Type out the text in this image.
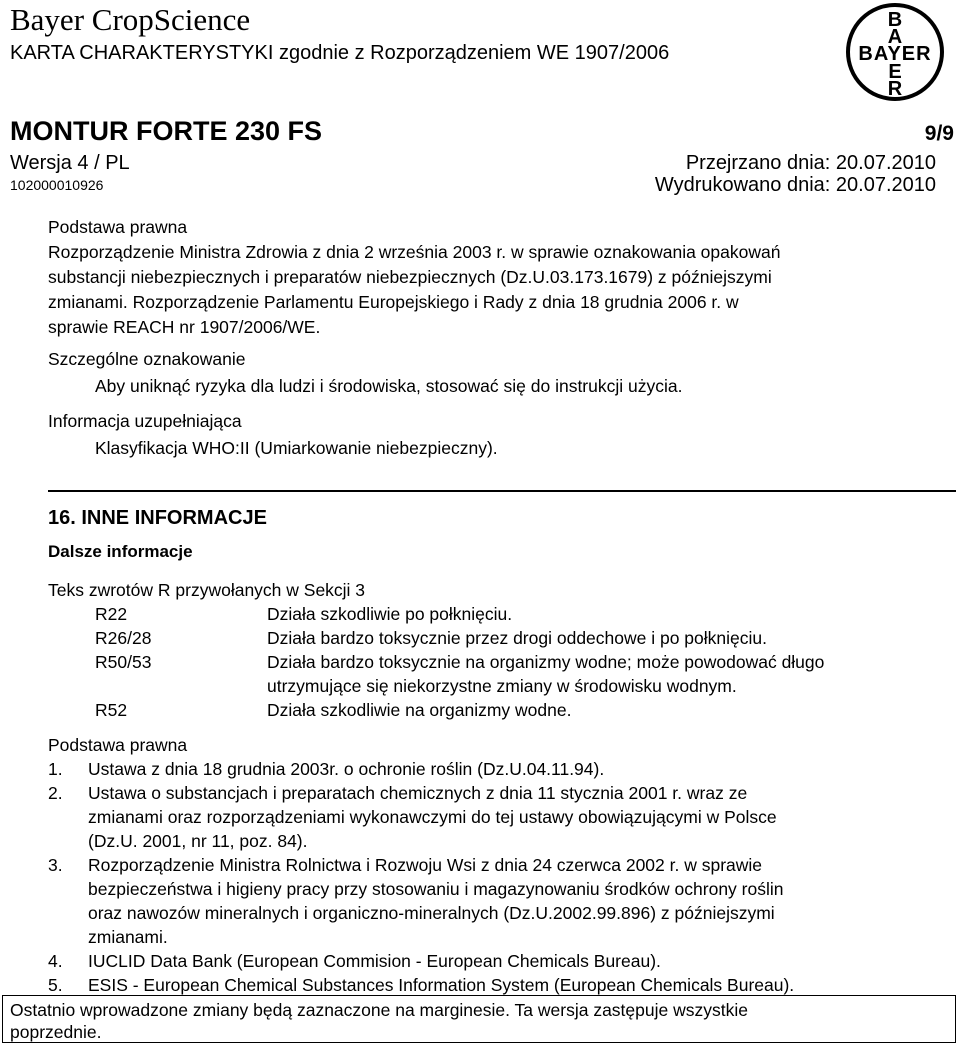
Bayer CropScience
KARTA CHARAKTERYSTYKI zgodnie z Rozporządzeniem WE 1907/2006
B
A
BAYER
E
R
MONTUR FORTE 230 FS	9/9
Wersja 4 / PL	Przejrzano dnia: 20.07.2010
102000010926	Wydrukowano dnia: 20.07.2010
Podstawa prawna
Rozporządzenie Ministra Zdrowia z dnia 2 września 2003 r. w sprawie oznakowania opakowań
substancji niebezpiecznych i preparatów niebezpiecznych (Dz.U.03.173.1679) z późniejszymi
zmianami. Rozporządzenie Parlamentu Europejskiego i Rady z dnia 18 grudnia 2006 r. w
sprawie REACH nr 1907/2006/WE.
Szczególne oznakowanie
Aby uniknąć ryzyka dla ludzi i środowiska, stosować się do instrukcji użycia.
Informacja uzupełniająca
Klasyfikacja WHO:II (Umiarkowanie niebezpieczny).
16. INNE INFORMACJE
Dalsze informacje
Teks zwrotów R przywołanych w Sekcji 3
R22	Działa szkodliwie po połknięciu.
R26/28	Działa bardzo toksycznie przez drogi oddechowe i po połknięciu.
R50/53	Działa bardzo toksycznie na organizmy wodne; może powodować długo
utrzymujące się niekorzystne zmiany w środowisku wodnym.
R52	Działa szkodliwie na organizmy wodne.
Podstawa prawna
1. Ustawa z dnia 18 grudnia 2003r. o ochronie roślin (Dz.U.04.11.94).
2. Ustawa o substancjach i preparatach chemicznych z dnia 11 stycznia 2001 r. wraz ze
zmianami oraz rozporządzeniami wykonawczymi do tej ustawy obowiązującymi w Polsce
(Dz.U. 2001, nr 11, poz. 84).
3. Rozporządzenie Ministra Rolnictwa i Rozwoju Wsi z dnia 24 czerwca 2002 r. w sprawie
bezpieczeństwa i higieny pracy przy stosowaniu i magazynowaniu środków ochrony roślin
oraz nawozów mineralnych i organiczno-mineralnych (Dz.U.2002.99.896) z późniejszymi
zmianami.
4. IUCLID Data Bank (European Commision - European Chemicals Bureau).
5. ESIS - European Chemical Substances Information System (European Chemicals Bureau).
Ostatnio wprowadzone zmiany będą zaznaczone na marginesie. Ta wersja zastępuje wszystkie
poprzednie.
